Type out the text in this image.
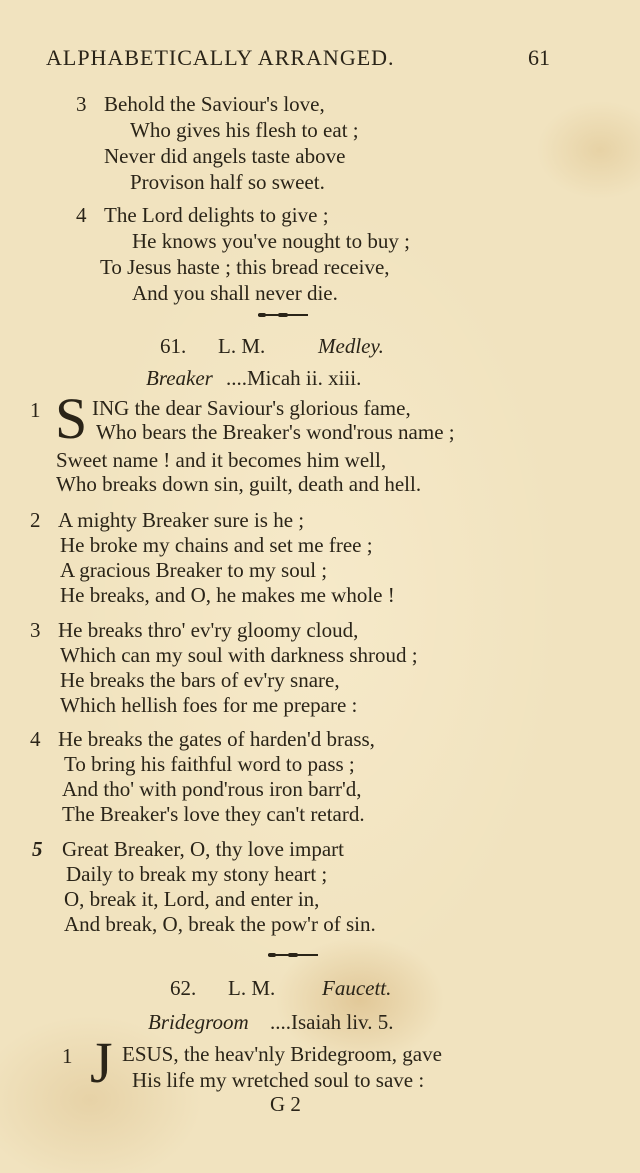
ALPHABETICALLY ARRANGED.	61
3 Behold the Saviour's love,
Who gives his flesh to eat ;
Never did angels taste above
Provison half so sweet.
4 The Lord delights to give ;
He knows you've nought to buy ;
To Jesus haste ; this bread receive,
And you shall never die.
61. L. M.	Medley.
Breaker ....Micah ii. xiii.
1 S ING the dear Saviour's glorious fame,
Who bears the Breaker's wond'rous name ;
Sweet name ! and it becomes him well,
Who breaks down sin, guilt, death and hell.
2 A mighty Breaker sure is he ;
He broke my chains and set me free ;
A gracious Breaker to my soul ;
He breaks, and O, he makes me whole !
3 He breaks thro' ev'ry gloomy cloud,
Which can my soul with darkness shroud ;
He breaks the bars of ev'ry snare,
Which hellish foes for me prepare :
4 He breaks the gates of harden'd brass,
To bring his faithful word to pass ;
And tho' with pond'rous iron barr'd,
The Breaker's love they can't retard.
5 Great Breaker, O, thy love impart
Daily to break my stony heart ;
O, break it, Lord, and enter in,
And break, O, break the pow'r of sin.
62. L. M. Faucett.
Bridegroom ....Isaiah liv. 5.
1 J ESUS, the heav'nly Bridegroom, gave
His life my wretched soul to save :
G 2
